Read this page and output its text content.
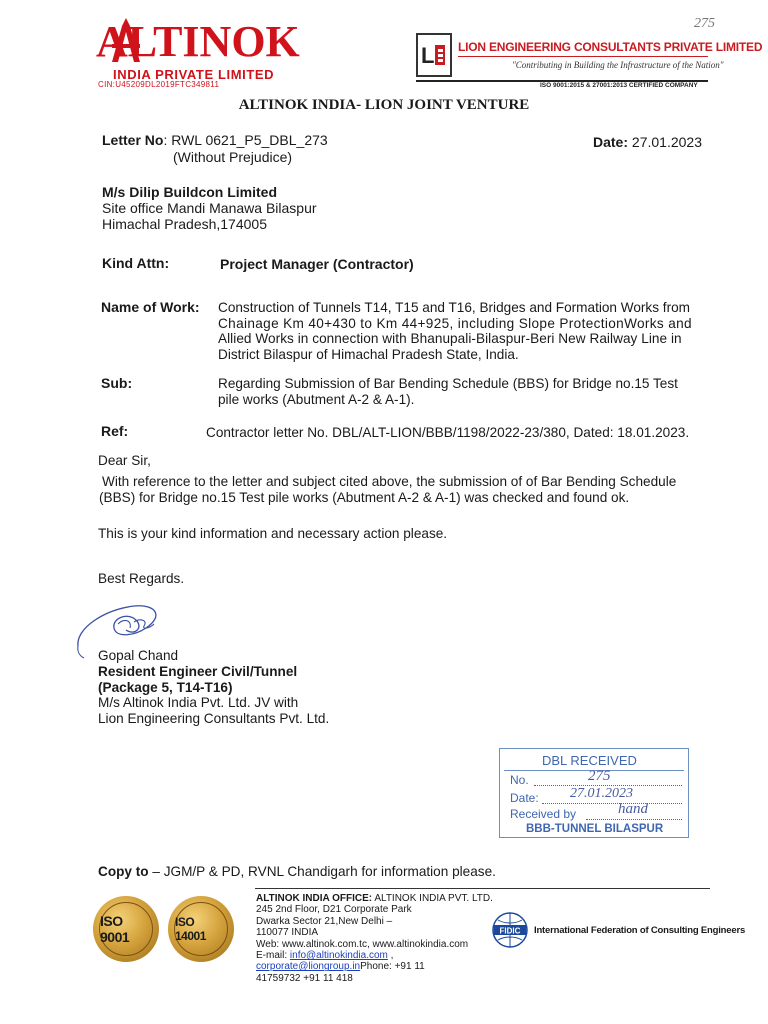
275
ALTINOK
INDIA PRIVATE LIMITED
CIN:U45209DL2019FTC349811
L LION ENGINEERING CONSULTANTS PRIVATE LIMITED
"Contributing in Building the Infrastructure of the Nation"
ISO 9001:2015 & 27001:2013 CERTIFIED COMPANY
ALTINOK INDIA- LION JOINT VENTURE
Letter No: RWL 0621_P5_DBL_273
(Without Prejudice)
Date: 27.01.2023
M/s Dilip Buildcon Limited
Site office Mandi Manawa Bilaspur
Himachal Pradesh,174005
Kind Attn:	Project Manager (Contractor)
Name of Work: Construction of Tunnels T14, T15 and T16, Bridges and Formation Works from
Chainage Km 40+430 to Km 44+925, including Slope ProtectionWorks and
Allied Works in connection with Bhanupali-Bilaspur-Beri New Railway Line in
District Bilaspur of Himachal Pradesh State, India.
Sub:	Regarding Submission of Bar Bending Schedule (BBS) for Bridge no.15 Test
pile works (Abutment A-2 & A-1).
Ref:	Contractor letter No. DBL/ALT-LION/BBB/1198/2022-23/380, Dated: 18.01.2023.
Dear Sir,
With reference to the letter and subject cited above, the submission of of Bar Bending Schedule
(BBS) for Bridge no.15 Test pile works (Abutment A-2 & A-1) was checked and found ok.
This is your kind information and necessary action please.
Best Regards.
Gopal Chand
Resident Engineer Civil/Tunnel
(Package 5, T14-T16)
M/s Altinok India Pvt. Ltd. JV with
Lion Engineering Consultants Pvt. Ltd.
DBL RECEIVED
No.	275
Date: 27.01.2023
Received by	hand
BBB-TUNNEL BILASPUR
Copy to – JGM/P & PD, RVNL Chandigarh for information please.
ISO 9001
ISO 14001
ALTINOK INDIA OFFICE: ALTINOK INDIA PVT. LTD.
245 2nd Floor, D21 Corporate Park
Dwarka Sector 21,New Delhi –
110077 INDIA
Web: www.altinok.com.tc, www.altinokindia.com
E-mail: info@altinokindia.com ,
corporate@liongroup.inPhone: +91 11
41759732 +91 11 418
FIDIC International Federation of Consulting Engineers
